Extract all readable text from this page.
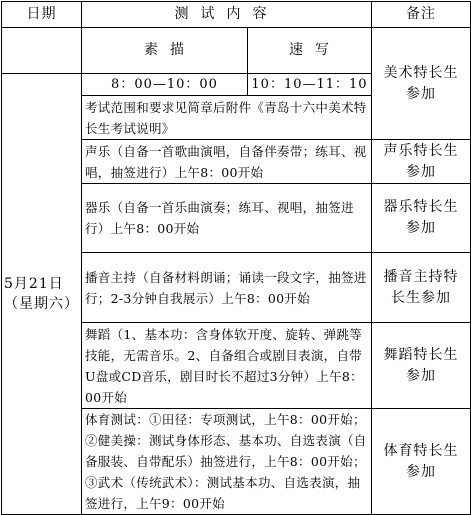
日期	测试内容		备注
	素  描	速  写	美术特长生参加
5月21日（星期六）	8：00—10：00	10：10—11：10	
	考试范围和要求见简章后附件《青岛十六中美术特长生考试说明》		
	声乐（自备一首歌曲演唱，自备伴奏带；练耳、视唱，抽签进行）上午8：00开始		声乐特长生参加
	器乐（自备一首乐曲演奏；练耳、视唱，抽签进行）上午8：00开始		器乐特长生参加
	播音主持（自备材料朗诵；诵读一段文字，抽签进行；2-3分钟自我展示）上午8：00开始		播音主持特长生参加
	舞蹈（1、基本功：含身体软开度、旋转、弹跳等技能，无需音乐。2、自备组合或剧目表演，自带U盘或CD音乐，剧目时长不超过3分钟）上午8：00开始		舞蹈特长生参加
	体育测试：①田径：专项测试，上午8：00开始；②健美操：测试身体形态、基本功、自选表演（自备服装、自带配乐）抽签进行，上午8：00开始；③武术（传统武术）：测试基本功、自选表演，抽签进行，上午9：00开始		体育特长生参加
